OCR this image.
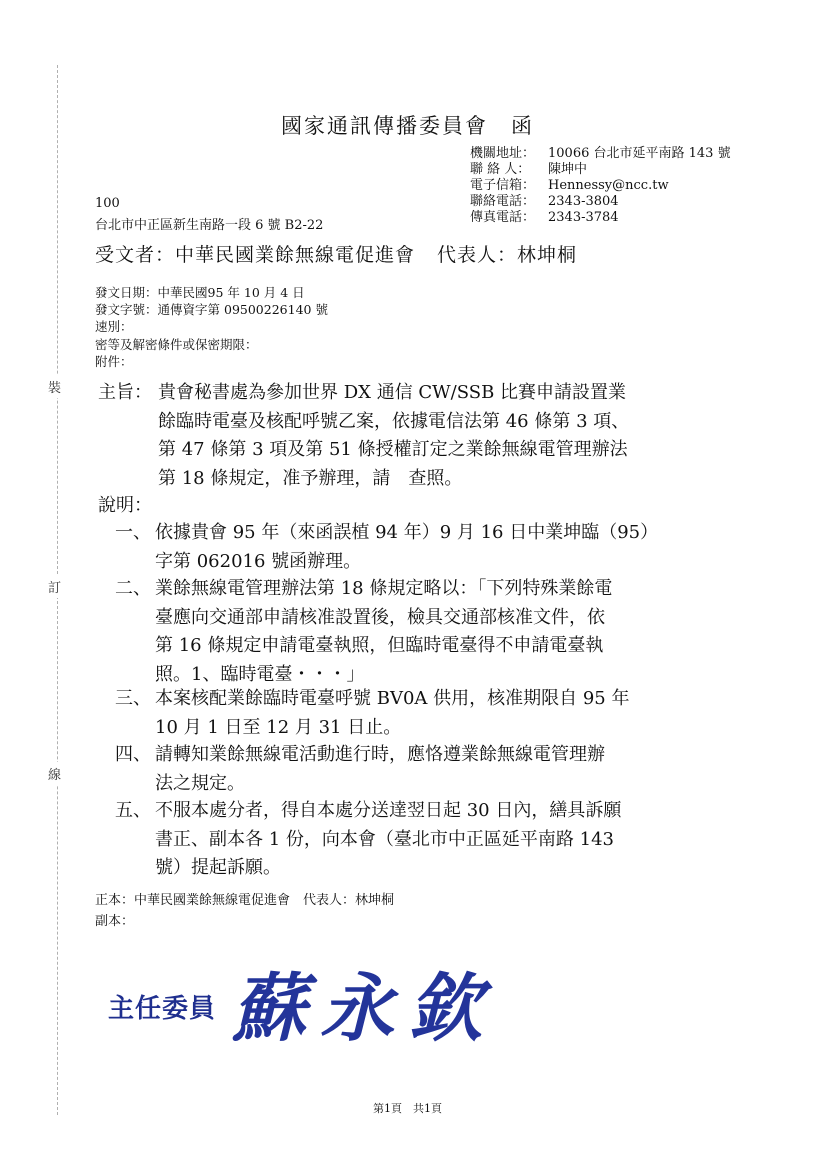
裝
訂
線
國家通訊傳播委員會　函
機關地址： 10066 台北市延平南路 143 號
聯 絡 人：	陳坤中
電子信箱： Hennessy@ncc.tw
聯絡電話： 2343-3804
傳真電話： 2343-3784
100
台北市中正區新生南路一段 6 號 B2-22
受文者：中華民國業餘無線電促進會 代表人：林坤桐
發文日期：中華民國95 年 10 月 4 日
發文字號：通傳資字第 09500226140 號
速別：
密等及解密條件或保密期限：
附件：
主旨： 貴會秘書處為參加世界 DX 通信 CW/SSB 比賽申請設置業
餘臨時電臺及核配呼號乙案，依據電信法第 46 條第 3 項、
第 47 條第 3 項及第 51 條授權訂定之業餘無線電管理辦法
第 18 條規定，准予辦理，請　查照。
說明：
一、 依據貴會 95 年（來函誤植 94 年）9 月 16 日中業坤臨（95）
字第 062016 號函辦理。
二、 業餘無線電管理辦法第 18 條規定略以：「下列特殊業餘電
臺應向交通部申請核准設置後，檢具交通部核准文件，依
第 16 條規定申請電臺執照，但臨時電臺得不申請電臺執
照。1、臨時電臺・・・」
三、 本案核配業餘臨時電臺呼號 BV0A 供用，核准期限自 95 年
10 月 1 日至 12 月 31 日止。
四、 請轉知業餘無線電活動進行時，應恪遵業餘無線電管理辦
法之規定。
五、 不服本處分者，得自本處分送達翌日起 30 日內，繕具訴願
書正、副本各 1 份，向本會（臺北市中正區延平南路 143
號）提起訴願。
正本：中華民國業餘無線電促進會　代表人：林坤桐
副本：
主任委員 蘇永欽
第1頁　共1頁
